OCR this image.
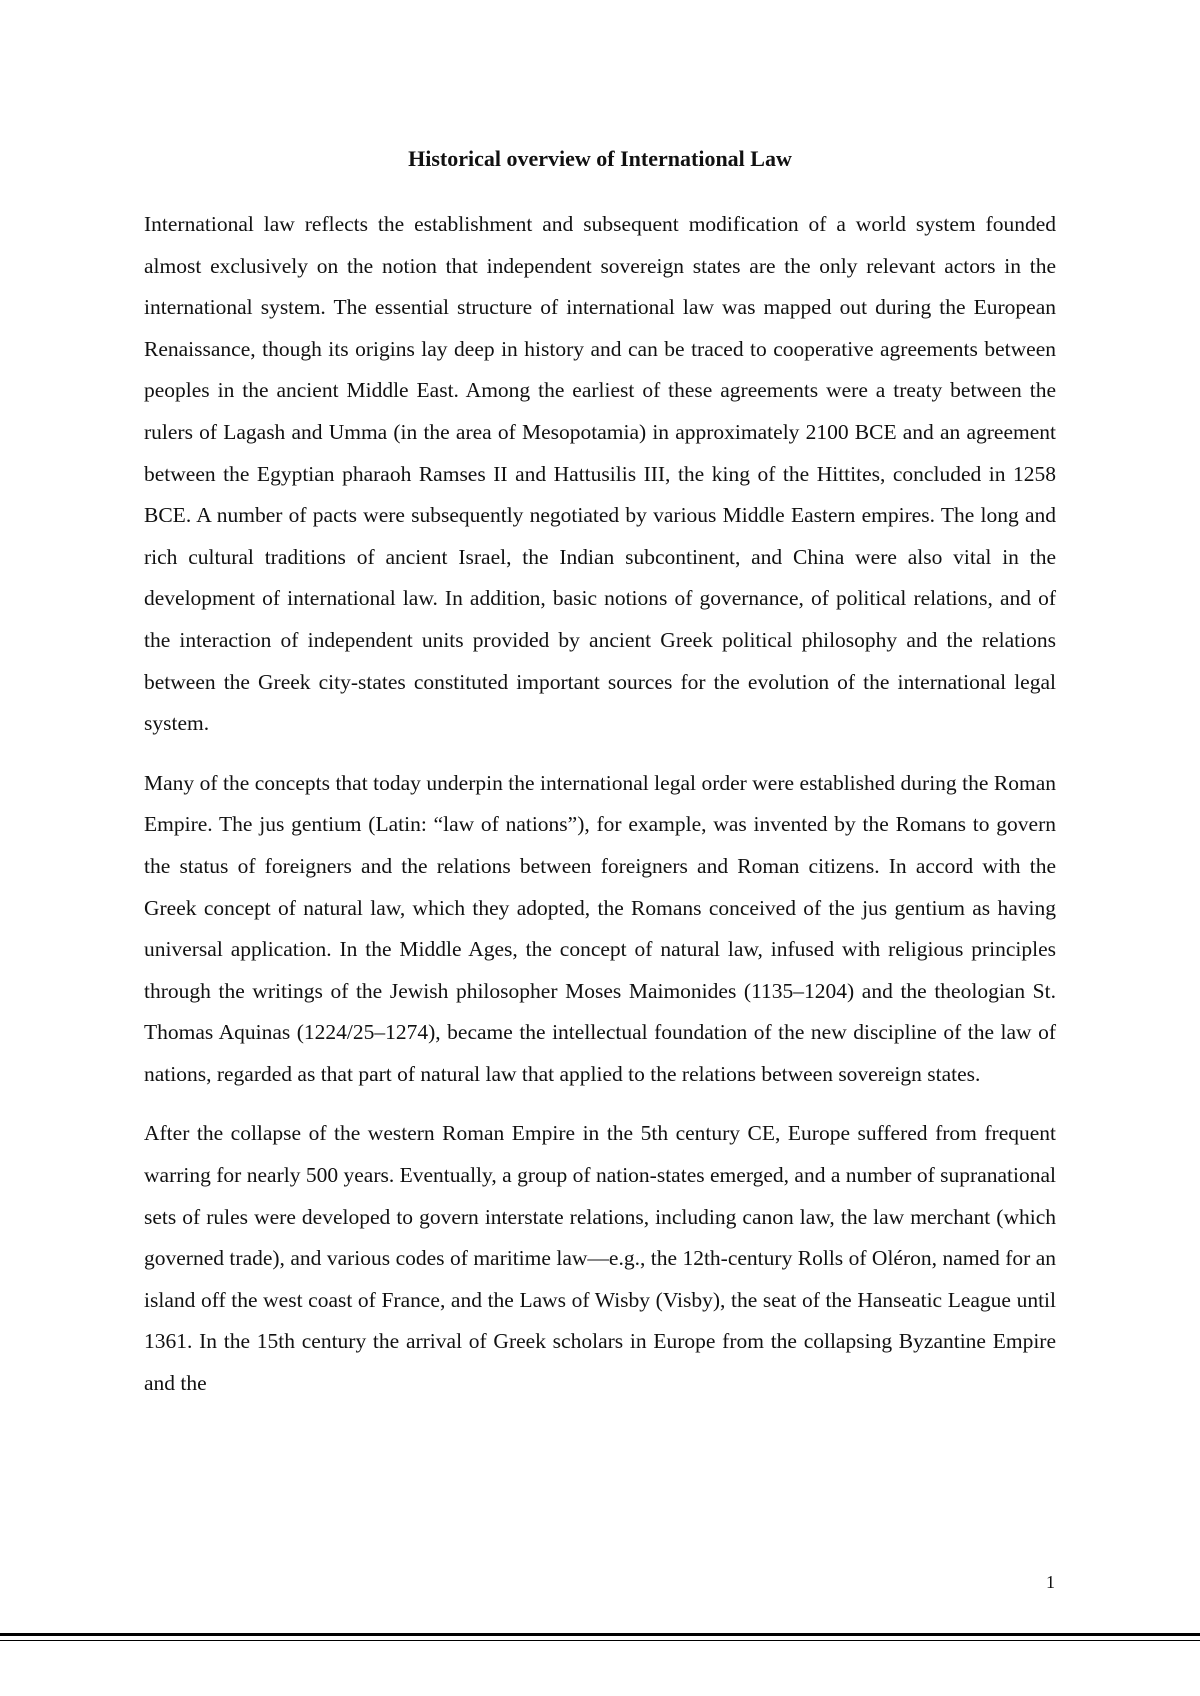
Historical overview of International Law

International law reflects the establishment and subsequent modification of a world system founded almost exclusively on the notion that independent sovereign states are the only relevant actors in the international system. The essential structure of international law was mapped out during the European Renaissance, though its origins lay deep in history and can be traced to cooperative agreements between peoples in the ancient Middle East. Among the earliest of these agreements were a treaty between the rulers of Lagash and Umma (in the area of Mesopotamia) in approximately 2100 BCE and an agreement between the Egyptian pharaoh Ramses II and Hattusilis III, the king of the Hittites, concluded in 1258 BCE. A number of pacts were subsequently negotiated by various Middle Eastern empires. The long and rich cultural traditions of ancient Israel, the Indian subcontinent, and China were also vital in the development of international law. In addition, basic notions of governance, of political relations, and of the interaction of independent units provided by ancient Greek political philosophy and the relations between the Greek city-states constituted important sources for the evolution of the international legal system.

Many of the concepts that today underpin the international legal order were established during the Roman Empire. The jus gentium (Latin: “law of nations”), for example, was invented by the Romans to govern the status of foreigners and the relations between foreigners and Roman citizens. In accord with the Greek concept of natural law, which they adopted, the Romans conceived of the jus gentium as having universal application. In the Middle Ages, the concept of natural law, infused with religious principles through the writings of the Jewish philosopher Moses Maimonides (1135–1204) and the theologian St. Thomas Aquinas (1224/25–1274), became the intellectual foundation of the new discipline of the law of nations, regarded as that part of natural law that applied to the relations between sovereign states.

After the collapse of the western Roman Empire in the 5th century CE, Europe suffered from frequent warring for nearly 500 years. Eventually, a group of nation-states emerged, and a number of supranational sets of rules were developed to govern interstate relations, including canon law, the law merchant (which governed trade), and various codes of maritime law—e.g., the 12th-century Rolls of Oléron, named for an island off the west coast of France, and the Laws of Wisby (Visby), the seat of the Hanseatic League until 1361. In the 15th century the arrival of Greek scholars in Europe from the collapsing Byzantine Empire and the

1
